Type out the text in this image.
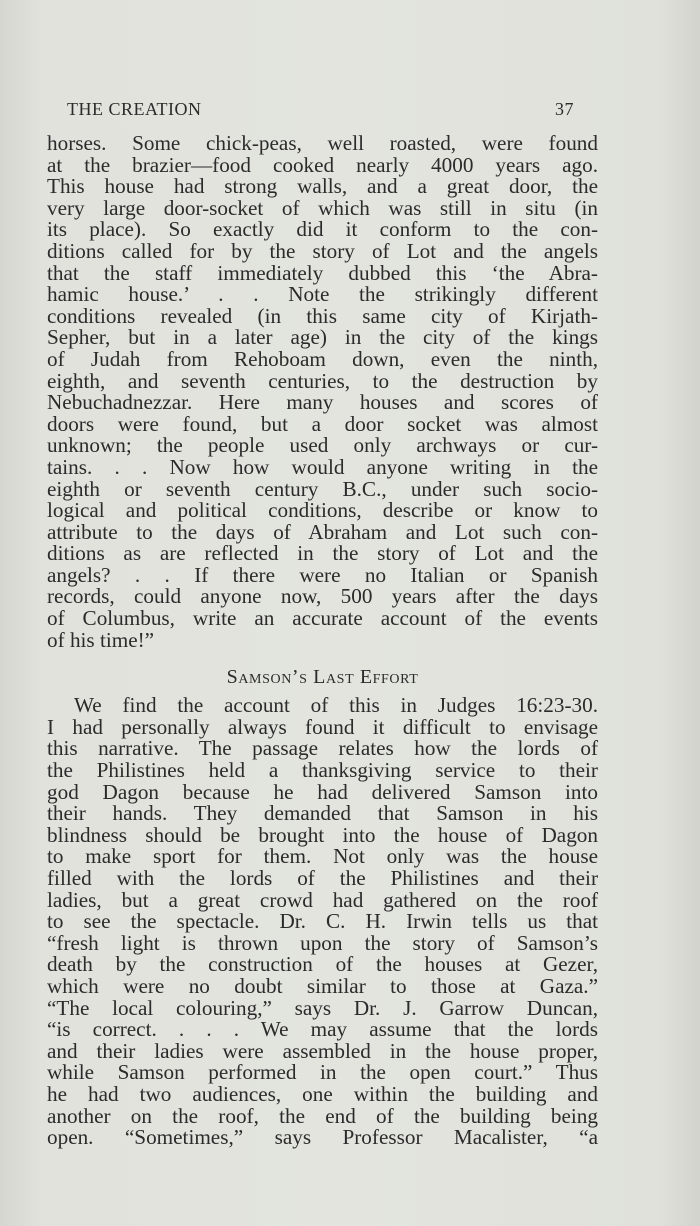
THE CREATION	37
horses. Some chick-peas, well roasted, were found
at the brazier—food cooked nearly 4000 years ago.
This house had strong walls, and a great door, the
very large door-socket of which was still in situ (in
its place). So exactly did it conform to the con-
ditions called for by the story of Lot and the angels
that the staff immediately dubbed this ‘the Abra-
hamic house.’ . . Note the strikingly different
conditions revealed (in this same city of Kirjath-
Sepher, but in a later age) in the city of the kings
of Judah from Rehoboam down, even the ninth,
eighth, and seventh centuries, to the destruction by
Nebuchadnezzar. Here many houses and scores of
doors were found, but a door socket was almost
unknown; the people used only archways or cur-
tains. . . Now how would anyone writing in the
eighth or seventh century B.C., under such socio-
logical and political conditions, describe or know to
attribute to the days of Abraham and Lot such con-
ditions as are reflected in the story of Lot and the
angels? . . If there were no Italian or Spanish
records, could anyone now, 500 years after the days
of Columbus, write an accurate account of the events
of his time!”
Samson’s Last Effort
We find the account of this in Judges 16:23-30.
I had personally always found it difficult to envisage
this narrative. The passage relates how the lords of
the Philistines held a thanksgiving service to their
god Dagon because he had delivered Samson into
their hands. They demanded that Samson in his
blindness should be brought into the house of Dagon
to make sport for them. Not only was the house
filled with the lords of the Philistines and their
ladies, but a great crowd had gathered on the roof
to see the spectacle. Dr. C. H. Irwin tells us that
“fresh light is thrown upon the story of Samson’s
death by the construction of the houses at Gezer,
which were no doubt similar to those at Gaza.”
“The local colouring,” says Dr. J. Garrow Duncan,
“is correct. . . . We may assume that the lords
and their ladies were assembled in the house proper,
while Samson performed in the open court.” Thus
he had two audiences, one within the building and
another on the roof, the end of the building being
open. “Sometimes,” says Professor Macalister, “a
